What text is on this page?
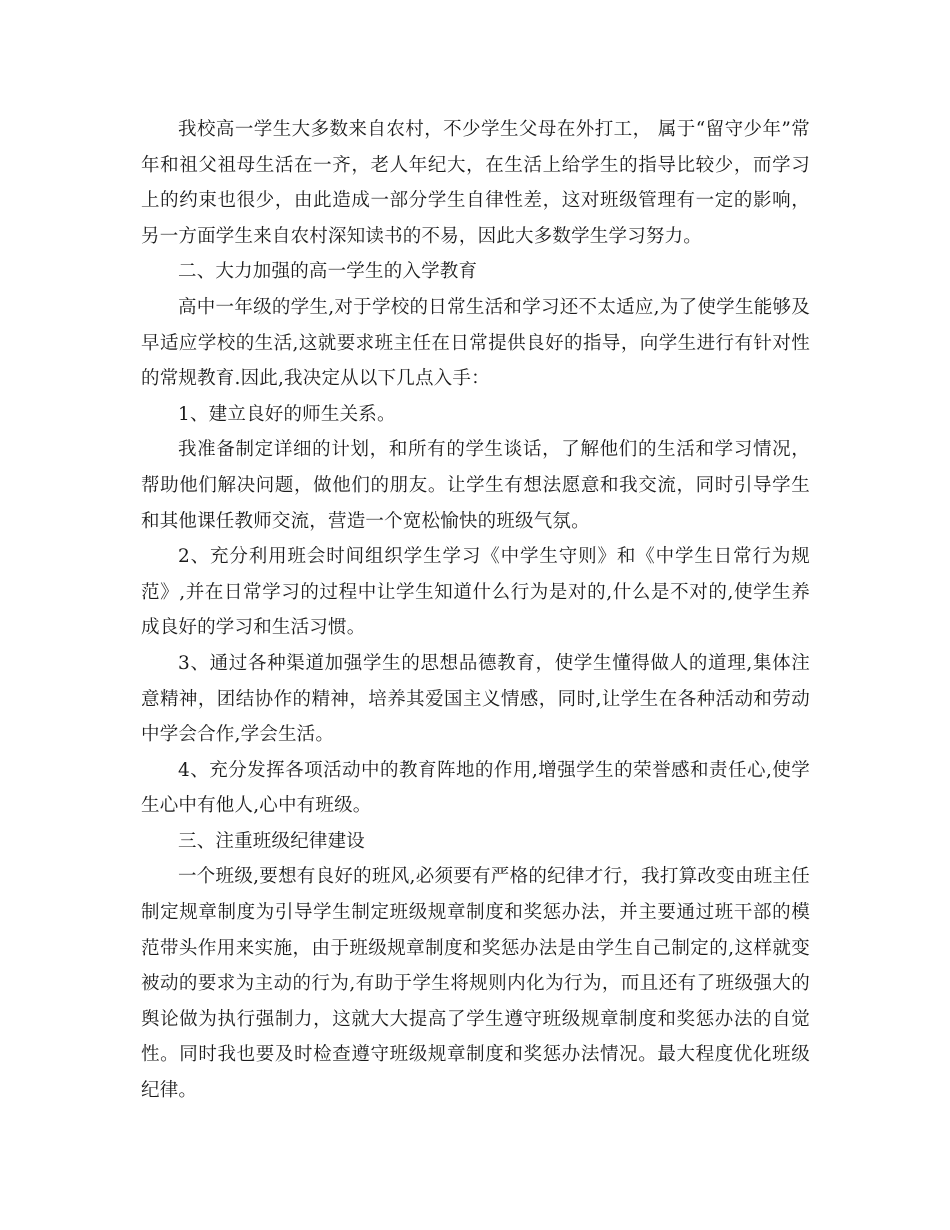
我校高一学生大多数来自农村，不少学生父母在外打工， 属于“留守少年”常年和祖父祖母生活在一齐，老人年纪大，在生活上给学生的指导比较少，而学习上的约束也很少，由此造成一部分学生自律性差，这对班级管理有一定的影响，另一方面学生来自农村深知读书的不易，因此大多数学生学习努力。

二、大力加强的高一学生的入学教育

高中一年级的学生,对于学校的日常生活和学习还不太适应,为了使学生能够及早适应学校的生活,这就要求班主任在日常提供良好的指导，向学生进行有针对性的常规教育.因此,我决定从以下几点入手：

1、建立良好的师生关系。

我准备制定详细的计划，和所有的学生谈话，了解他们的生活和学习情况，帮助他们解决问题，做他们的朋友。让学生有想法愿意和我交流，同时引导学生和其他课任教师交流，营造一个宽松愉快的班级气氛。

2、充分利用班会时间组织学生学习《中学生守则》和《中学生日常行为规范》,并在日常学习的过程中让学生知道什么行为是对的,什么是不对的,使学生养成良好的学习和生活习惯。

3、通过各种渠道加强学生的思想品德教育，使学生懂得做人的道理,集体注意精神，团结协作的精神，培养其爱国主义情感，同时,让学生在各种活动和劳动中学会合作,学会生活。

4、充分发挥各项活动中的教育阵地的作用,增强学生的荣誉感和责任心,使学生心中有他人,心中有班级。

三、注重班级纪律建设

一个班级,要想有良好的班风,必须要有严格的纪律才行，我打算改变由班主任制定规章制度为引导学生制定班级规章制度和奖惩办法，并主要通过班干部的模范带头作用来实施，由于班级规章制度和奖惩办法是由学生自己制定的,这样就变被动的要求为主动的行为,有助于学生将规则内化为行为，而且还有了班级强大的舆论做为执行强制力，这就大大提高了学生遵守班级规章制度和奖惩办法的自觉性。同时我也要及时检查遵守班级规章制度和奖惩办法情况。最大程度优化班级纪律。
